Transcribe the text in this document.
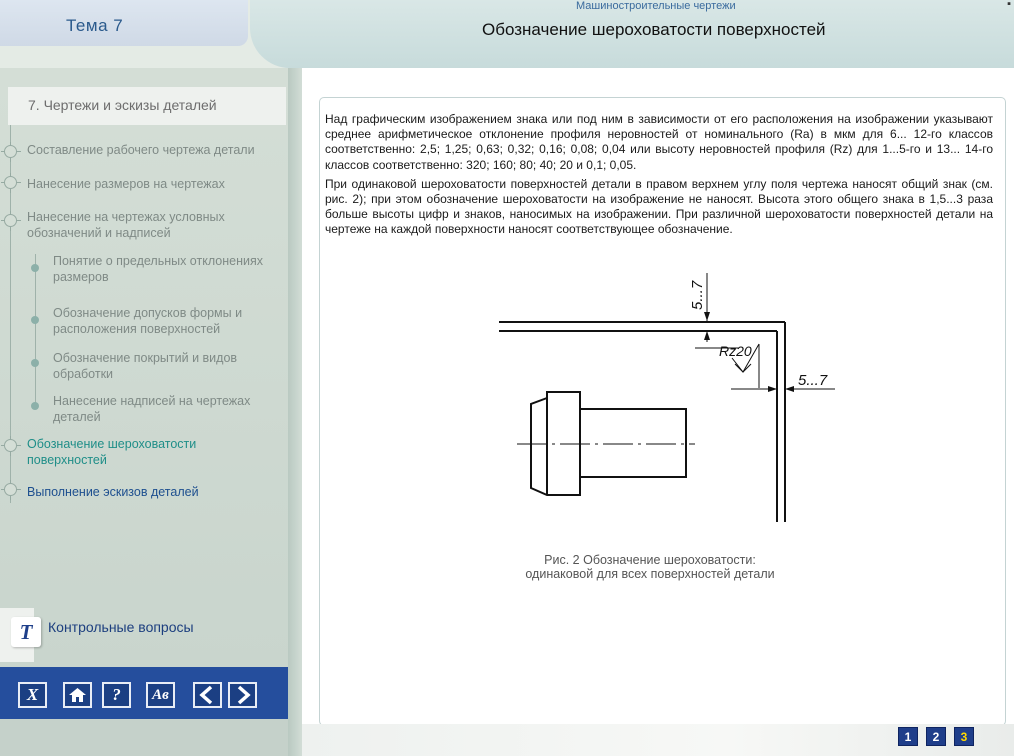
Тема 7
Машиностроительные чертежи
Обозначение шероховатости поверхностей
▪
7. Чертежи и эскизы деталей
Составление рабочего чертежа детали
Нанесение размеров на чертежах
Нанесение на чертежах условных обозначений и надписей
Понятие о предельных отклонениях размеров
Обозначение допусков формы и расположения поверхностей
Обозначение покрытий и видов обработки
Нанесение надписей на чертежах деталей
Обозначение шероховатости поверхностей
Выполнение эскизов деталей
T	Контрольные вопросы
X	?	Aв

Над графическим изображением знака или под ним в зависимости от его расположения на изображении указывают среднее арифметическое отклонение профиля неровностей от номинального (Ra) в мкм для 6... 12-го классов соответственно: 2,5; 1,25; 0,63; 0,32; 0,16; 0,08; 0,04 или высоту неровностей профиля (Rz) для 1...5-го и 13... 14-го классов соответственно: 320; 160; 80; 40; 20 и 0,1; 0,05.

При одинаковой шероховатости поверхностей детали в правом верхнем углу поля чертежа наносят общий знак (см. рис. 2); при этом обозначение шероховатости на изображение не наносят. Высота этого общего знака в 1,5...3 раза больше высоты цифр и знаков, наносимых на изображении. При различной шероховатости поверхностей детали на чертеже на каждой поверхности наносят соответствующее обозначение.

5...7
Rz20
5...7
Рис. 2 Обозначение шероховатости:
одинаковой для всех поверхностей детали
1	2	3
